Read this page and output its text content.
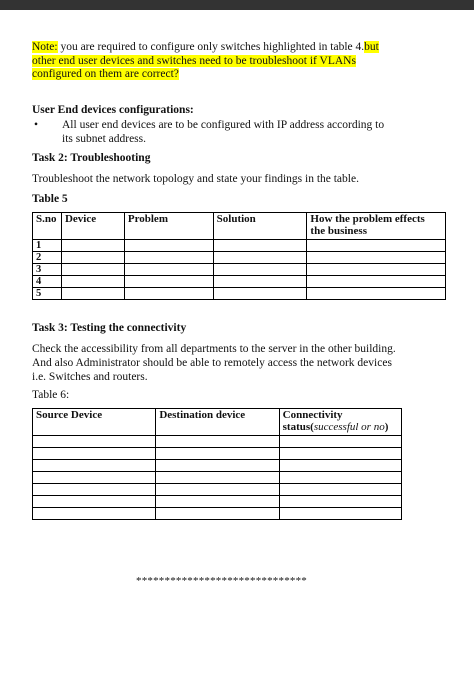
Note: you are required to configure only switches highlighted in table 4.but other end user devices and switches need to be troubleshoot if VLANs configured on them are correct?

User End devices configurations:

•	All user end devices are to be configured with IP address according to its subnet address.

Task 2: Troubleshooting

Troubleshoot the network topology and state your findings in the table.

Table 5

S.no	Device	Problem	Solution	How the problem effects the business
1				
2				
3				
4				
5				

Task 3: Testing the connectivity

Check the accessibility from all departments to the server in the other building. And also Administrator should be able to remotely access the network devices i.e. Switches and routers.

Table 6:

Source Device	Destination device	Connectivity status(successful or no)

******************************
